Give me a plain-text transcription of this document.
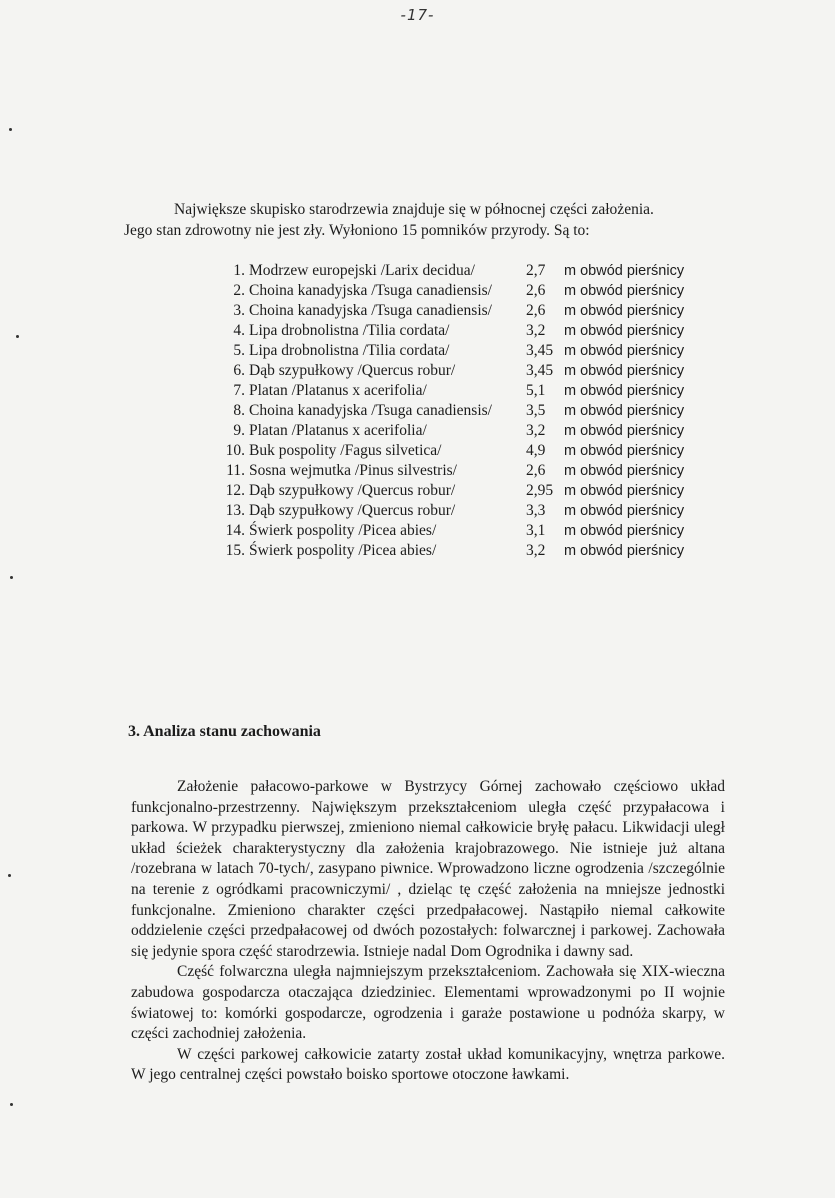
-17-
Największe skupisko starodrzewia znajduje się w północnej części założenia.
Jego stan zdrowotny nie jest zły. Wyłoniono 15 pomników przyrody. Są to:
1. Modrzew europejski /Larix decidua/	2,7	m obwód pierśnicy
2. Choina kanadyjska /Tsuga canadiensis/	2,6	m obwód pierśnicy
3. Choina kanadyjska /Tsuga canadiensis/	2,6	m obwód pierśnicy
4. Lipa drobnolistna /Tilia cordata/	3,2	m obwód pierśnicy
5. Lipa drobnolistna /Tilia cordata/	3,45 m obwód pierśnicy
6. Dąb szypułkowy /Quercus robur/	3,45 m obwód pierśnicy
7. Platan /Platanus x acerifolia/	5,1	m obwód pierśnicy
8. Choina kanadyjska /Tsuga canadiensis/	3,5	m obwód pierśnicy
9. Platan /Platanus x acerifolia/	3,2	m obwód pierśnicy
10. Buk pospolity /Fagus silvetica/	4,9	m obwód pierśnicy
11. Sosna wejmutka /Pinus silvestris/	2,6	m obwód pierśnicy
12. Dąb szypułkowy /Quercus robur/	2,95 m obwód pierśnicy
13. Dąb szypułkowy /Quercus robur/	3,3	m obwód pierśnicy
14. Świerk pospolity /Picea abies/	3,1	m obwód pierśnicy
15. Świerk pospolity /Picea abies/	3,2	m obwód pierśnicy
3. Analiza stanu zachowania

Założenie pałacowo-parkowe w Bystrzycy Górnej zachowało częściowo układ funkcjonalno-przestrzenny. Największym przekształceniom uległa część przypałacowa i parkowa. W przypadku pierwszej, zmieniono niemal całkowicie bryłę pałacu. Likwidacji uległ układ ścieżek charakterystyczny dla założenia krajobrazowego. Nie istnieje już altana /rozebrana w latach 70-tych/, zasypano piwnice. Wprowadzono liczne ogrodzenia /szczególnie na terenie z ogródkami pracowniczymi/ , dzieląc tę część założenia na mniejsze jednostki funkcjonalne. Zmieniono charakter części przedpałacowej. Nastąpiło niemal całkowite oddzielenie części przedpałacowej od dwóch pozostałych: folwarcznej i parkowej. Zachowała się jedynie spora część starodrzewia. Istnieje nadal Dom Ogrodnika i dawny sad.

Część folwarczna uległa najmniejszym przekształceniom. Zachowała się XIX-wieczna zabudowa gospodarcza otaczająca dziedziniec. Elementami wprowadzonymi po II wojnie światowej to: komórki gospodarcze, ogrodzenia i garaże postawione u podnóża skarpy, w części zachodniej założenia.

W części parkowej całkowicie zatarty został układ komunikacyjny, wnętrza parkowe. W jego centralnej części powstało boisko sportowe otoczone ławkami.
